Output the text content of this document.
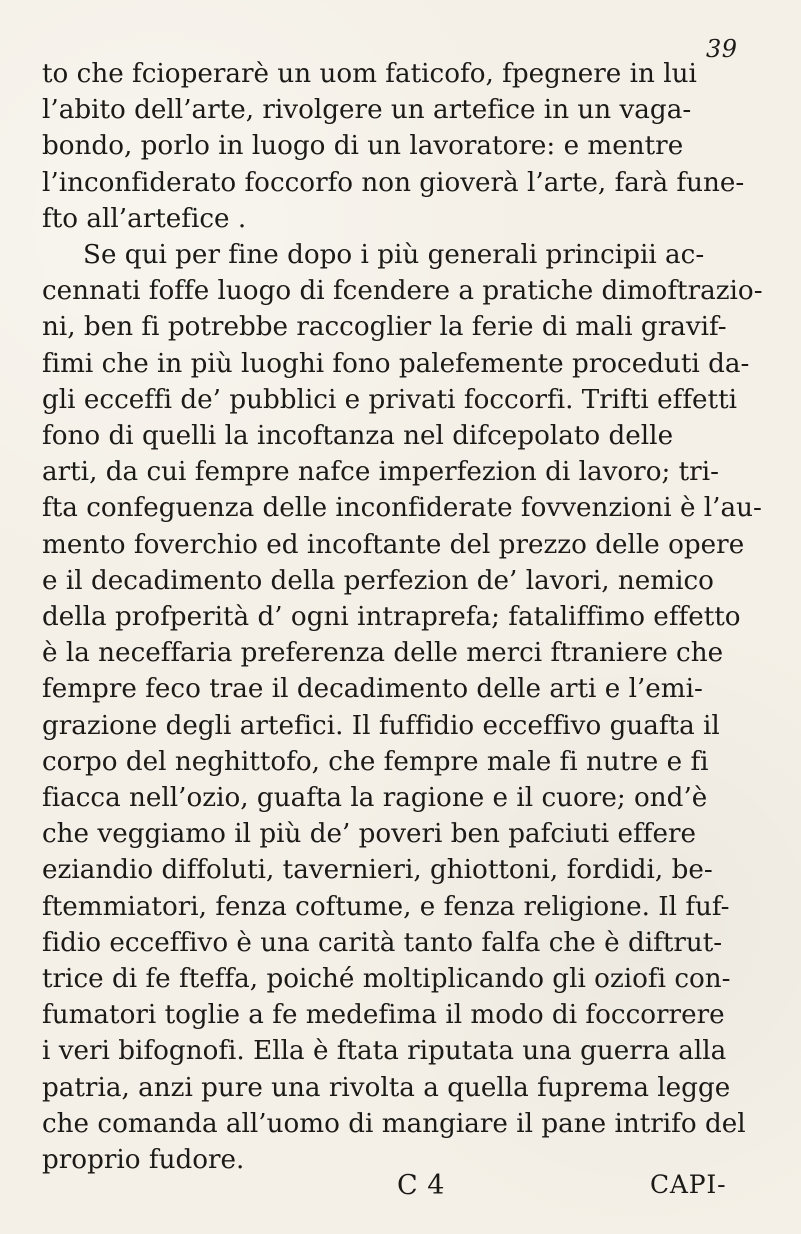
39
to che fcioperarè un uom faticofo, fpegnere in lui
l’abito dell’arte, rivolgere un artefice in un vaga-
bondo, porlo in luogo di un lavoratore: e mentre
l’inconfiderato foccorfo non gioverà l’arte, farà fune-
fto all’artefice .
Se qui per fine dopo i più generali principii ac-
cennati foffe luogo di fcendere a pratiche dimoftrazio-
ni, ben fi potrebbe raccoglier la ferie di mali gravif-
fimi che in più luoghi fono palefemente proceduti da-
gli ecceffi de’ pubblici e privati foccorfi. Trifti effetti
fono di quelli la incoftanza nel difcepolato delle
arti, da cui fempre nafce imperfezion di lavoro; tri-
fta confeguenza delle inconfiderate fovvenzioni è l’au-
mento foverchio ed incoftante del prezzo delle opere
e il decadimento della perfezion de’ lavori, nemico
della profperità d’ ogni intraprefa; fataliffimo effetto
è la neceffaria preferenza delle merci ftraniere che
fempre feco trae il decadimento delle arti e l’emi-
grazione degli artefici. Il fuffidio ecceffivo guafta il
corpo del neghittofo, che fempre male fi nutre e fi
fiacca nell’ozio, guafta la ragione e il cuore; ond’è
che veggiamo il più de’ poveri ben pafciuti effere
eziandio diffoluti, tavernieri, ghiottoni, fordidi, be-
ftemmiatori, fenza coftume, e fenza religione. Il fuf-
fidio ecceffivo è una carità tanto falfa che è diftrut-
trice di fe fteffa, poiché moltiplicando gli oziofi con-
fumatori toglie a fe medefima il modo di foccorrere
i veri bifognofi. Ella è ftata riputata una guerra alla
patria, anzi pure una rivolta a quella fuprema legge
che comanda all’uomo di mangiare il pane intrifo del
proprio fudore.
C 4	CAPI-
